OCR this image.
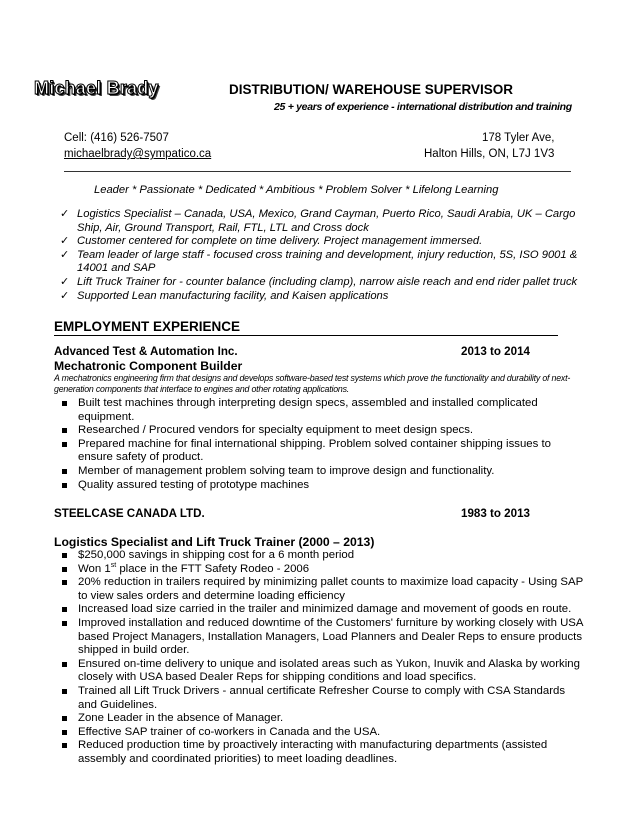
Michael Brady	DISTRIBUTION/ WAREHOUSE SUPERVISOR
25 + years of experience - international distribution and training
Cell: (416) 526-7507
michaelbrady@sympatico.ca
178 Tyler Ave,
Halton Hills, ON, L7J 1V3
Leader * Passionate * Dedicated * Ambitious * Problem Solver * Lifelong Learning
✓ Logistics Specialist – Canada, USA, Mexico, Grand Cayman, Puerto Rico, Saudi Arabia, UK – Cargo Ship, Air, Ground Transport, Rail, FTL, LTL and Cross dock
✓ Customer centered for complete on time delivery. Project management immersed.
✓ Team leader of large staff - focused cross training and development, injury reduction, 5S, ISO 9001 & 14001 and SAP
✓ Lift Truck Trainer for - counter balance (including clamp), narrow aisle reach and end rider pallet truck
✓ Supported Lean manufacturing facility, and Kaisen applications
EMPLOYMENT EXPERIENCE
Advanced Test & Automation Inc.	2013 to 2014
Mechatronic Component Builder
A mechatronics engineering firm that designs and develops software-based test systems which prove the functionality and durability of next-generation components that interface to engines and other rotating applications.
Built test machines through interpreting design specs, assembled and installed complicated equipment.
Researched / Procured vendors for specialty equipment to meet design specs.
Prepared machine for final international shipping. Problem solved container shipping issues to ensure safety of product.
Member of management problem solving team to improve design and functionality.
Quality assured testing of prototype machines
STEELCASE CANADA LTD.	1983 to 2013
Logistics Specialist and Lift Truck Trainer (2000 – 2013)
$250,000 savings in shipping cost for a 6 month period
Won 1st place in the FTT Safety Rodeo - 2006
20% reduction in trailers required by minimizing pallet counts to maximize load capacity - Using SAP to view sales orders and determine loading efficiency
Increased load size carried in the trailer and minimized damage and movement of goods en route.
Improved installation and reduced downtime of the Customers' furniture by working closely with USA based Project Managers, Installation Managers, Load Planners and Dealer Reps to ensure products shipped in build order.
Ensured on-time delivery to unique and isolated areas such as Yukon, Inuvik and Alaska by working closely with USA based Dealer Reps for shipping conditions and load specifics.
Trained all Lift Truck Drivers - annual certificate Refresher Course to comply with CSA Standards and Guidelines.
Zone Leader in the absence of Manager.
Effective SAP trainer of co-workers in Canada and the USA.
Reduced production time by proactively interacting with manufacturing departments (assisted assembly and coordinated priorities) to meet loading deadlines.
